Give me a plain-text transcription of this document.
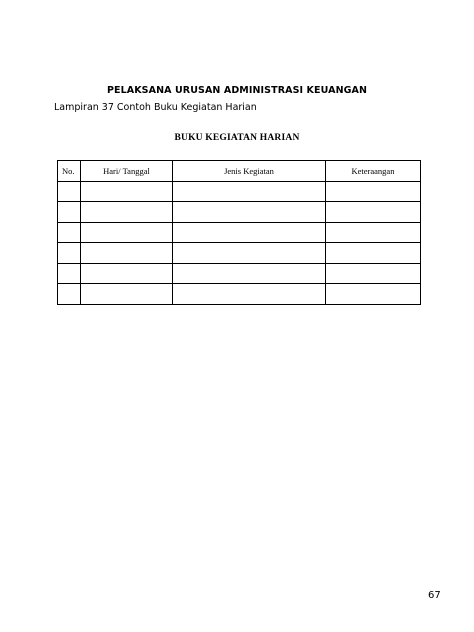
PELAKSANA URUSAN ADMINISTRASI KEUANGAN
Lampiran 37 Contoh Buku Kegiatan Harian
BUKU KEGIATAN HARIAN
No.	Hari/ Tanggal	Jenis Kegiatan	Keteraangan

67
